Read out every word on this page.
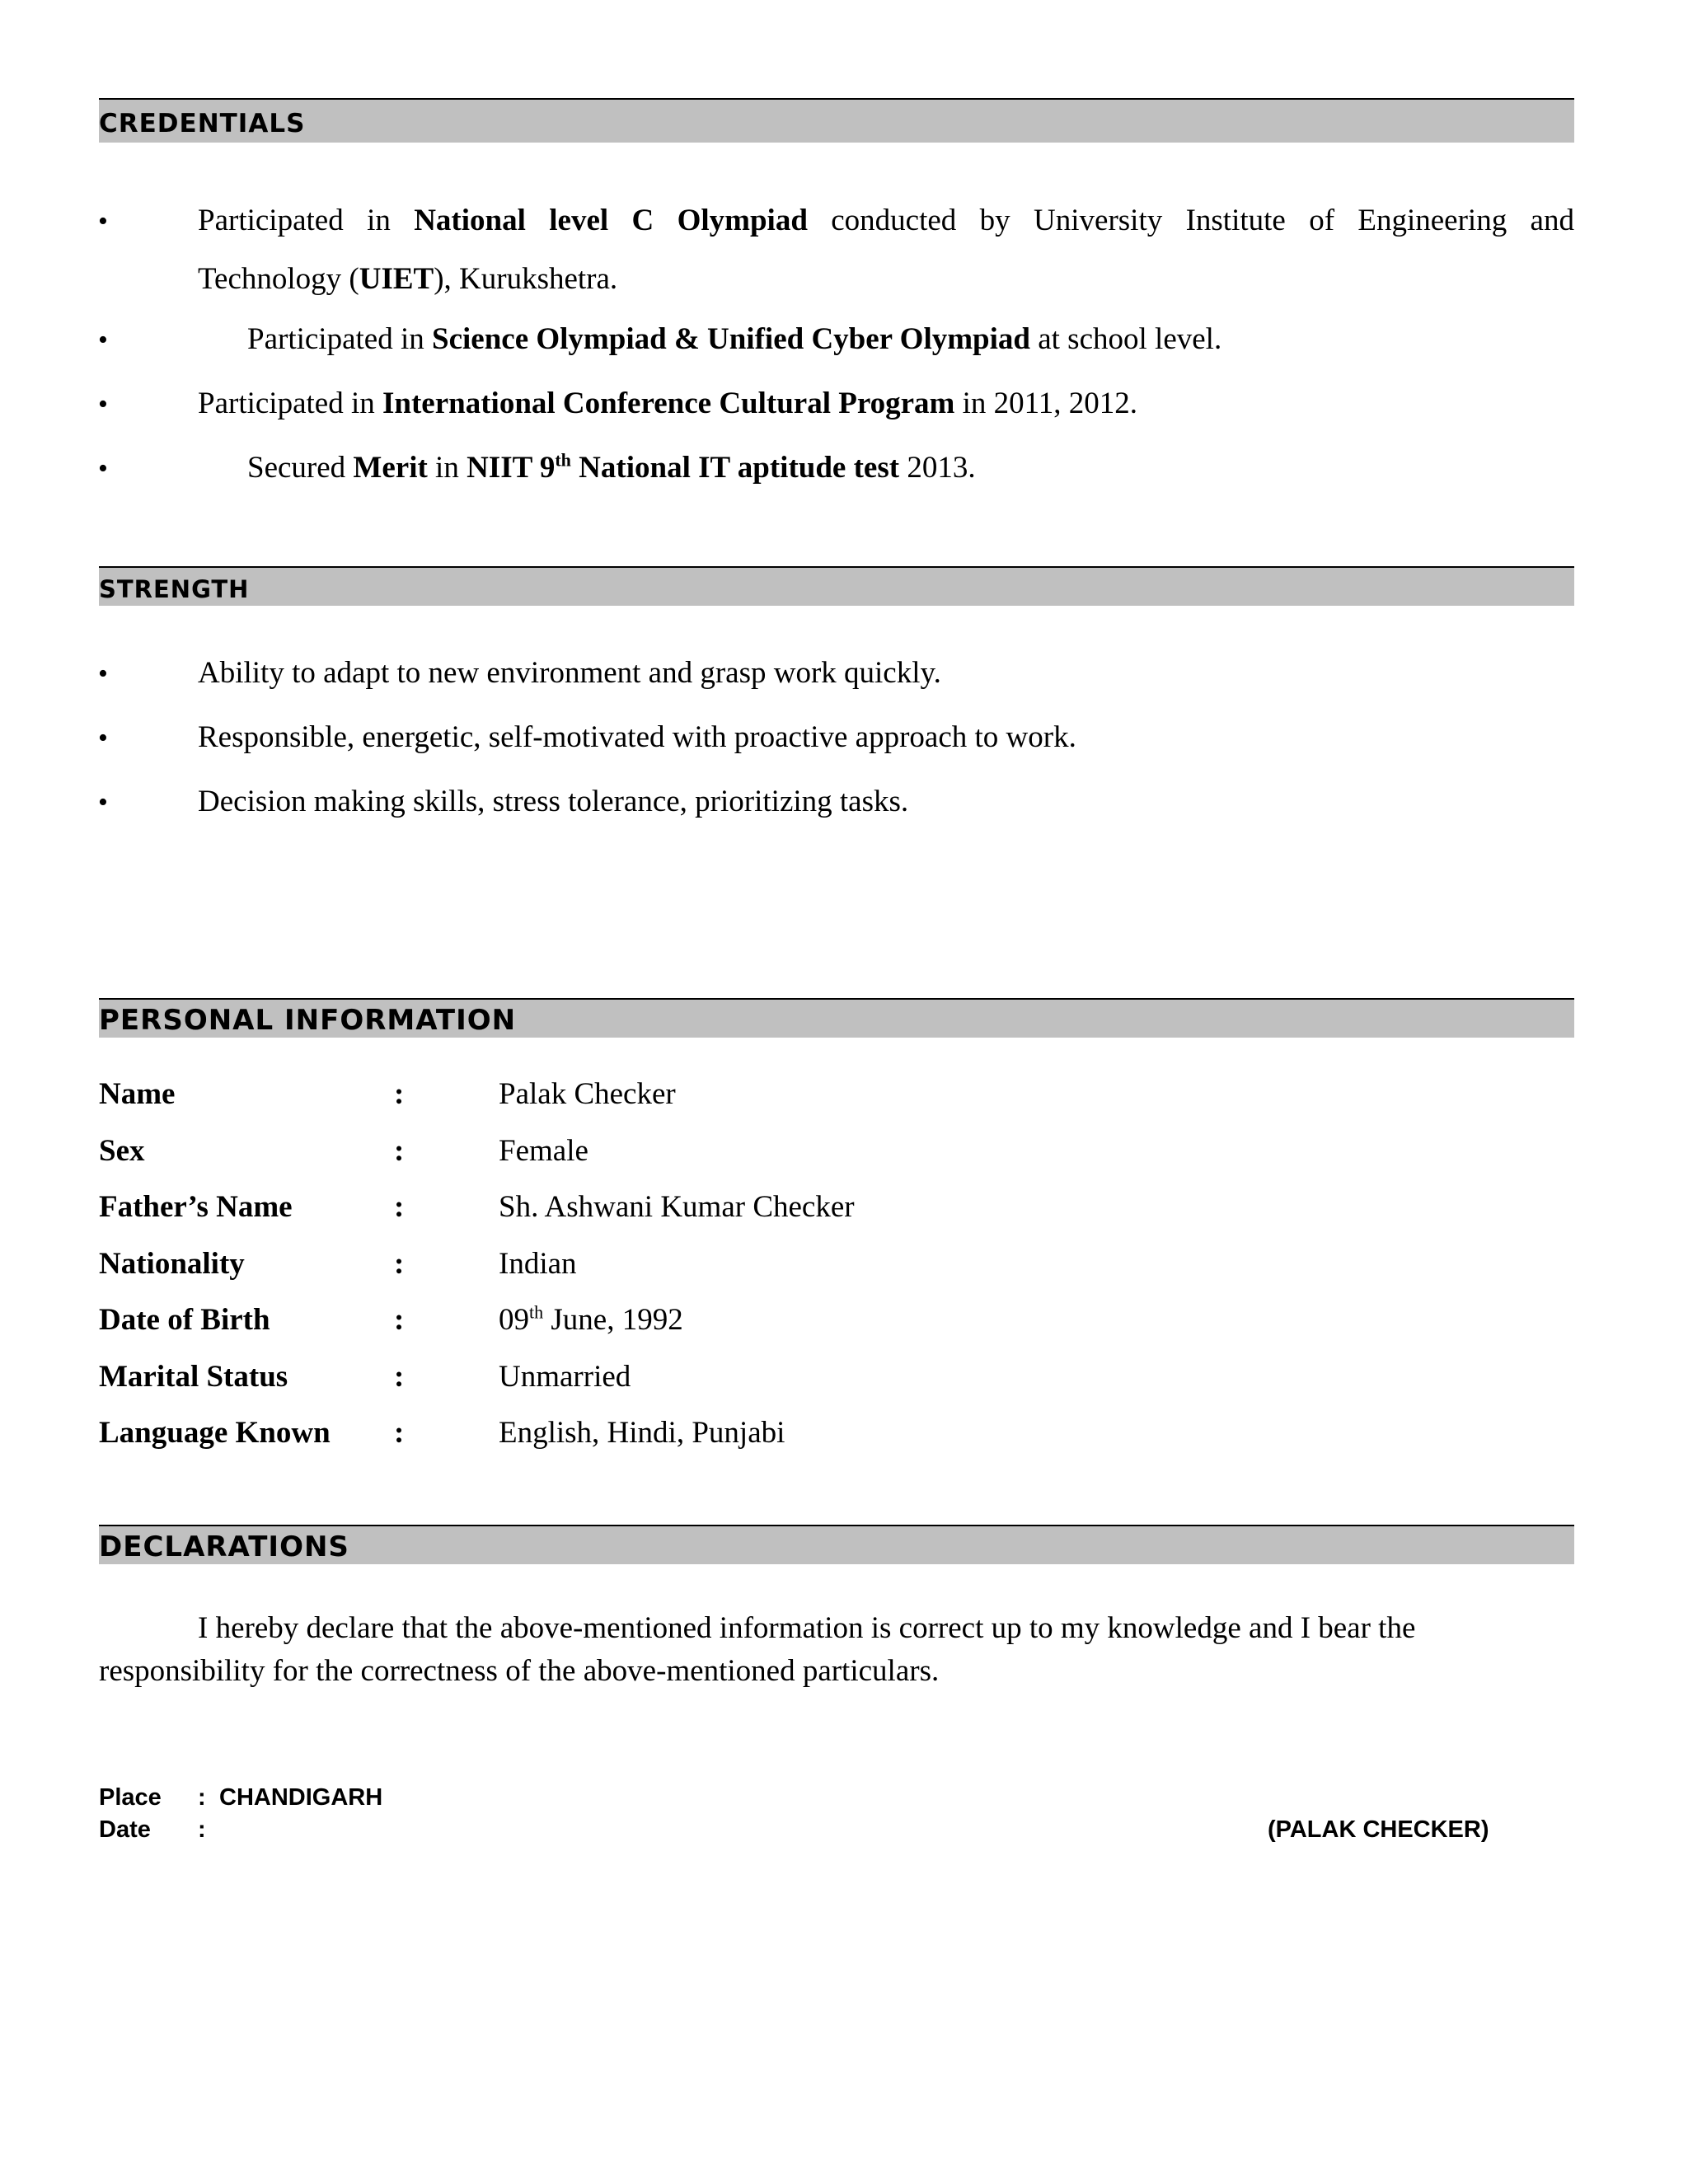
CREDENTIALS
•	Participated in National level C Olympiad conducted by University Institute of Engineering and
Technology (UIET), Kurukshetra.
•	Participated in Science Olympiad & Unified Cyber Olympiad at school level.
•	Participated in International Conference Cultural Program in 2011, 2012.
•	Secured Merit in NIIT 9th National IT aptitude test 2013.
STRENGTH
•	Ability to adapt to new environment and grasp work quickly.
•	Responsible, energetic, self-motivated with proactive approach to work.
•	Decision making skills, stress tolerance, prioritizing tasks.
PERSONAL INFORMATION
Name	:	Palak Checker
Sex	:	Female
Father’s Name	:	Sh. Ashwani Kumar Checker
Nationality	:	Indian
Date of Birth	:	09th June, 1992
Marital Status	:	Unmarried
Language Known :	English, Hindi, Punjabi
DECLARATIONS
I hereby declare that the above-mentioned information is correct up to my knowledge and I bear the
responsibility for the correctness of the above-mentioned particulars.
Place : CHANDIGARH
Date :	(PALAK CHECKER)
